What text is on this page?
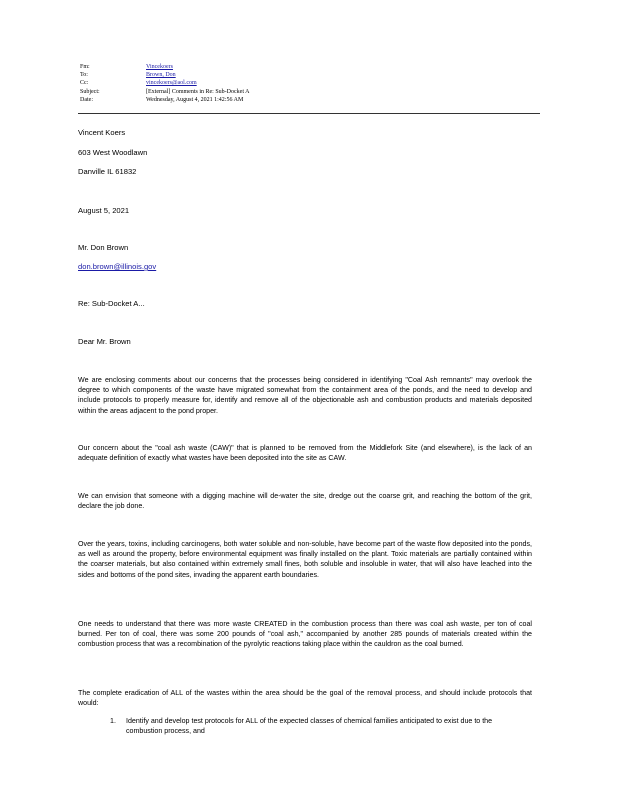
Fm:	Vincekoers
To:	Brown, Don
Cc:	vincekoers@aol.com
Subject:	[External] Comments in Re: Sub-Docket A
Date:	Wednesday, August 4, 2021 1:42:56 AM
Vincent Koers
603 West Woodlawn
Danville IL 61832
August 5, 2021
Mr. Don Brown
don.brown@illinois.gov
Re: Sub-Docket A...
Dear Mr. Brown
We are enclosing comments about our concerns that the processes being considered in identifying "Coal Ash remnants" may overlook the degree to which components of the waste have migrated somewhat from the containment area of the ponds, and the need to develop and include protocols to properly measure for, identify and remove all of the objectionable ash and combustion products and materials deposited within the areas adjacent to the pond proper.
Our concern about the "coal ash waste (CAW)" that is planned to be removed from the Middlefork Site (and elsewhere), is the lack of an adequate definition of exactly what wastes have been deposited into the site as CAW.
We can envision that someone with a digging machine will de-water the site, dredge out the coarse grit, and reaching the bottom of the grit, declare the job done.
Over the years, toxins, including carcinogens, both water soluble and non-soluble, have become part of the waste flow deposited into the ponds, as well as around the property, before environmental equipment was finally installed on the plant. Toxic materials are partially contained within the coarser materials, but also contained within extremely small fines, both soluble and insoluble in water, that will also have leached into the sides and bottoms of the pond sites, invading the apparent earth boundaries.
One needs to understand that there was more waste CREATED in the combustion process than there was coal ash waste, per ton of coal burned. Per ton of coal, there was some 200 pounds of "coal ash," accompanied by another 285 pounds of materials created within the combustion process that was a recombination of the pyrolytic reactions taking place within the cauldron as the coal burned.
The complete eradication of ALL of the wastes within the area should be the goal of the removal process, and should include protocols that would:
1. Identify and develop test protocols for ALL of the expected classes of chemical families anticipated to exist due to the combustion process, and
